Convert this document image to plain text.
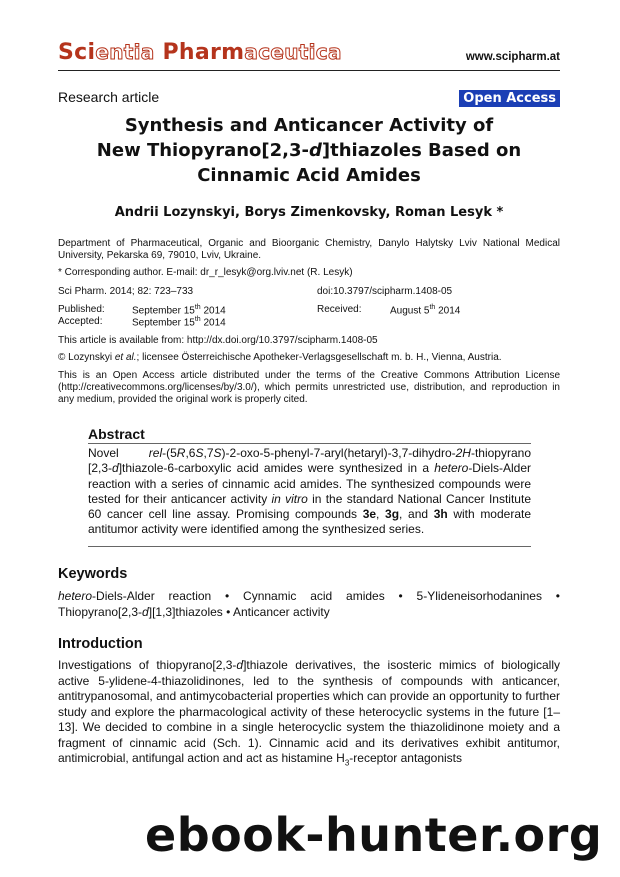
Scientia Pharmaceutica	www.scipharm.at
Research article	Open Access
Synthesis and Anticancer Activity of
New Thiopyrano[2,3-d]thiazoles Based on
Cinnamic Acid Amides
Andrii Lozynskyi, Borys Zimenkovsky, Roman Lesyk *
Department of Pharmaceutical, Organic and Bioorganic Chemistry, Danylo Halytsky Lviv National Medical University, Pekarska 69, 79010, Lviv, Ukraine.
* Corresponding author. E-mail: dr_r_lesyk@org.lviv.net (R. Lesyk)
Sci Pharm. 2014; 82: 723–733	doi:10.3797/scipharm.1408-05
Published:	September 15th 2014	Received:	August 5th 2014
Accepted:	September 15th 2014
This article is available from: http://dx.doi.org/10.3797/scipharm.1408-05
© Lozynskyi et al.; licensee Österreichische Apotheker-Verlagsgesellschaft m. b. H., Vienna, Austria.
This is an Open Access article distributed under the terms of the Creative Commons Attribution License (http://creativecommons.org/licenses/by/3.0/), which permits unrestricted use, distribution, and reproduction in any medium, provided the original work is properly cited.
Abstract
Novel rel-(5R,6S,7S)-2-oxo-5-phenyl-7-aryl(hetaryl)-3,7-dihydro-2H-thiopyrano [2,3-d]thiazole-6-carboxylic acid amides were synthesized in a hetero-Diels-Alder reaction with a series of cinnamic acid amides. The synthesized compounds were tested for their anticancer activity in vitro in the standard National Cancer Institute 60 cancer cell line assay. Promising compounds 3e, 3g, and 3h with moderate antitumor activity were identified among the synthesized series.
Keywords
hetero-Diels-Alder reaction • Cynnamic acid amides • 5-Ylideneisorhodanines • Thiopyrano[2,3-d][1,3]thiazoles • Anticancer activity
Introduction
Investigations of thiopyrano[2,3-d]thiazole derivatives, the isosteric mimics of biologically active 5-ylidene-4-thiazolidinones, led to the synthesis of compounds with anticancer, antitrypanosomal, and antimycobacterial properties which can provide an opportunity to further study and explore the pharmacological activity of these heterocyclic systems in the future [1–13]. We decided to combine in a single heterocyclic system the thiazolidinone moiety and a fragment of cinnamic acid (Sch. 1). Cinnamic acid and its derivatives exhibit antitumor, antimicrobial, antifungal action and act as histamine $H_3$-receptor antagonists
ebook-hunter.org
